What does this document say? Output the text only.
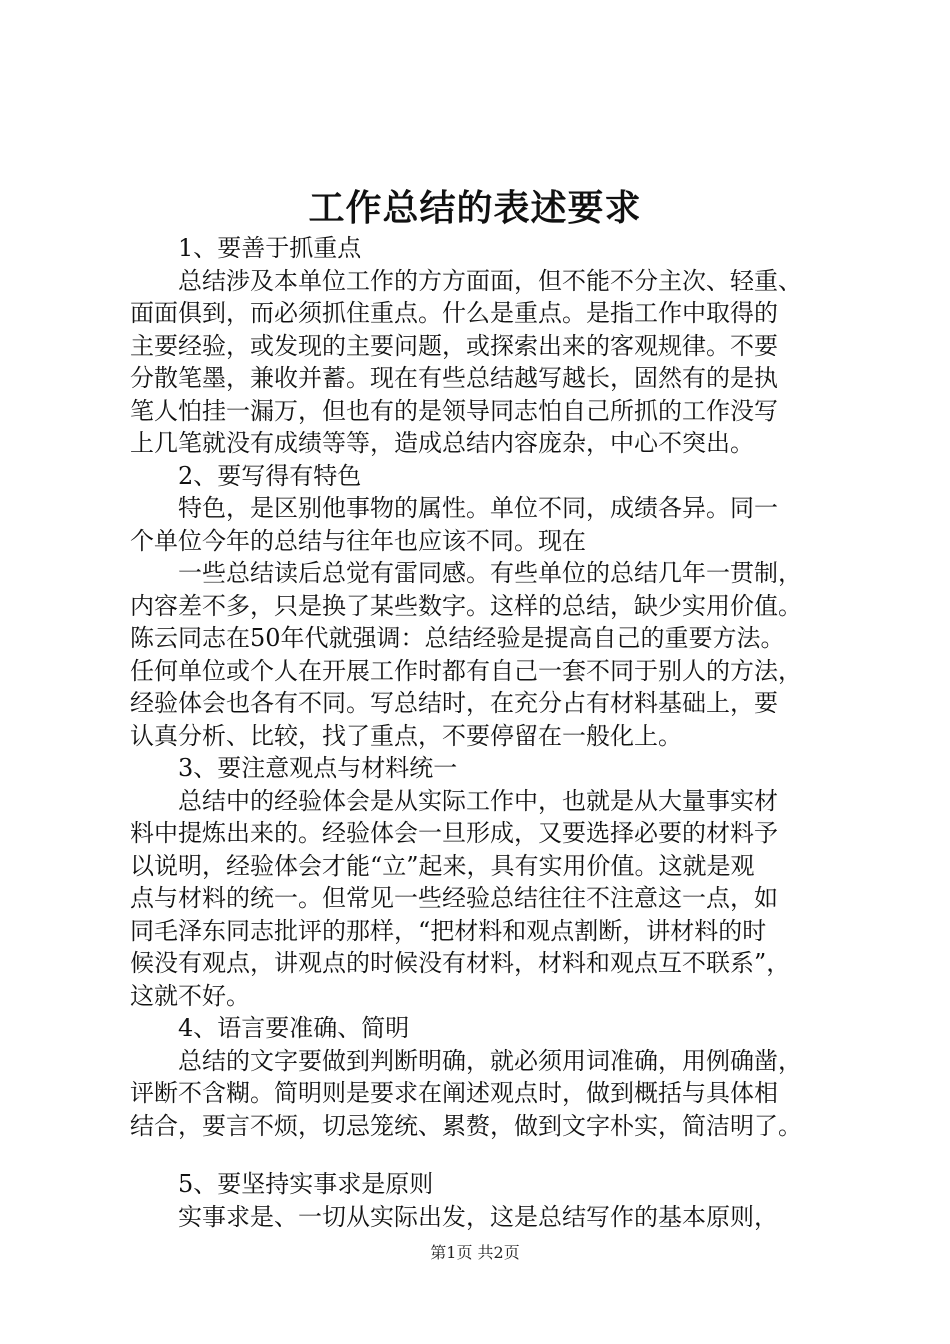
工作总结的表述要求
1、要善于抓重点
总结涉及本单位工作的方方面面，但不能不分主次、轻重、
面面俱到，而必须抓住重点。什么是重点。是指工作中取得的
主要经验，或发现的主要问题，或探索出来的客观规律。不要
分散笔墨，兼收并蓄。现在有些总结越写越长，固然有的是执
笔人怕挂一漏万，但也有的是领导同志怕自己所抓的工作没写
上几笔就没有成绩等等，造成总结内容庞杂，中心不突出。
2、要写得有特色
特色，是区别他事物的属性。单位不同，成绩各异。同一
个单位今年的总结与往年也应该不同。现在
一些总结读后总觉有雷同感。有些单位的总结几年一贯制，
内容差不多，只是换了某些数字。这样的总结，缺少实用价值。
陈云同志在50年代就强调：总结经验是提高自己的重要方法。
任何单位或个人在开展工作时都有自己一套不同于别人的方法，
经验体会也各有不同。写总结时，在充分占有材料基础上，要
认真分析、比较，找了重点，不要停留在一般化上。
3、要注意观点与材料统一
总结中的经验体会是从实际工作中，也就是从大量事实材
料中提炼出来的。经验体会一旦形成，又要选择必要的材料予
以说明，经验体会才能“立”起来，具有实用价值。这就是观
点与材料的统一。但常见一些经验总结往往不注意这一点，如
同毛泽东同志批评的那样，“把材料和观点割断，讲材料的时
候没有观点，讲观点的时候没有材料，材料和观点互不联系”，
这就不好。
4、语言要准确、简明
总结的文字要做到判断明确，就必须用词准确，用例确凿，
评断不含糊。简明则是要求在阐述观点时，做到概括与具体相
结合，要言不烦，切忌笼统、累赘，做到文字朴实，简洁明了。
5、要坚持实事求是原则
实事求是、一切从实际出发，这是总结写作的基本原则，
第1页 共2页
